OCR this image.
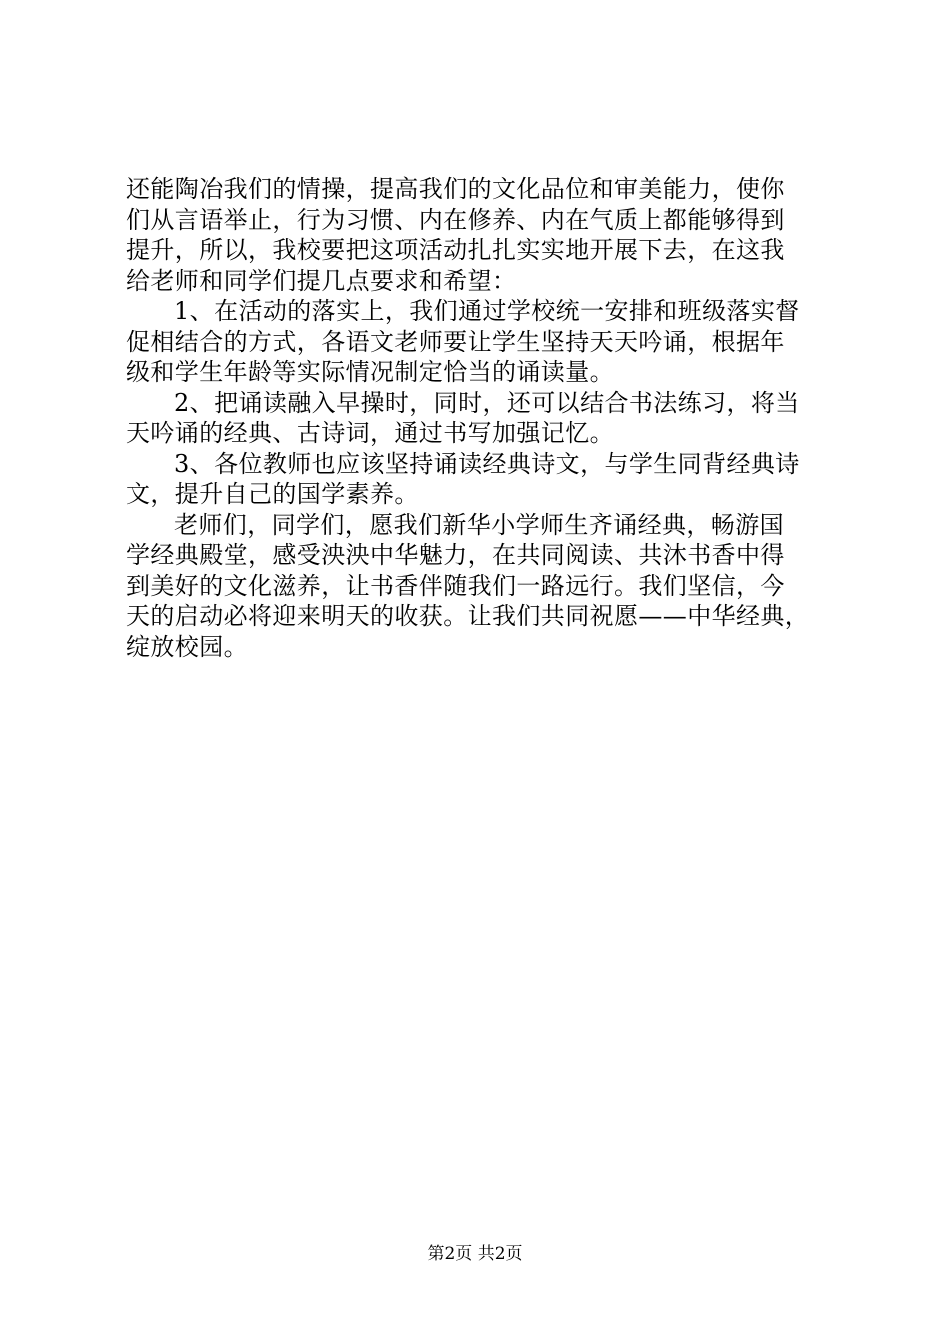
还能陶冶我们的情操，提高我们的文化品位和审美能力，使你
们从言语举止，行为习惯、内在修养、内在气质上都能够得到
提升，所以，我校要把这项活动扎扎实实地开展下去，在这我
给老师和同学们提几点要求和希望：
1、在活动的落实上，我们通过学校统一安排和班级落实督
促相结合的方式，各语文老师要让学生坚持天天吟诵，根据年
级和学生年龄等实际情况制定恰当的诵读量。
2、把诵读融入早操时，同时，还可以结合书法练习，将当
天吟诵的经典、古诗词，通过书写加强记忆。
3、各位教师也应该坚持诵读经典诗文，与学生同背经典诗
文，提升自己的国学素养。
老师们，同学们，愿我们新华小学师生齐诵经典，畅游国
学经典殿堂，感受泱泱中华魅力，在共同阅读、共沐书香中得
到美好的文化滋养，让书香伴随我们一路远行。我们坚信，今
天的启动必将迎来明天的收获。让我们共同祝愿——中华经典，
绽放校园。
第2页 共2页
